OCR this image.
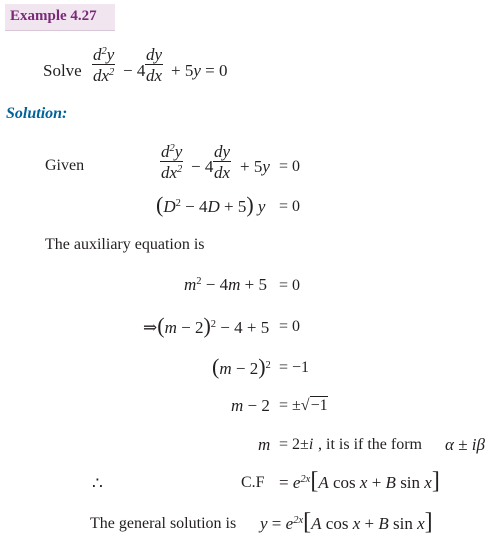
Example 4.27
Solve $\frac{d^2y}{dx^2} - 4 \frac{dy}{dx} + 5y = 0$
Solution:
Given	$\frac{d^2y}{dx^2} - 4 \frac{dy}{dx} + 5y = 0$
$(D^2 - 4D + 5) y = 0$
The auxiliary equation is
$m^2 - 4m + 5 = 0$
⇒(m − 2)$^2$ − 4 + 5 = 0
$(m - 2)^2 = -1$
m − 2 = ±√−1
m = 2±i , it is if the form α ± iβ
∴	$C.F = e^{2x}[A$ cos x + B sin x]
The general solution is $y = e^{2x}[A$ cos x + B sin x]
